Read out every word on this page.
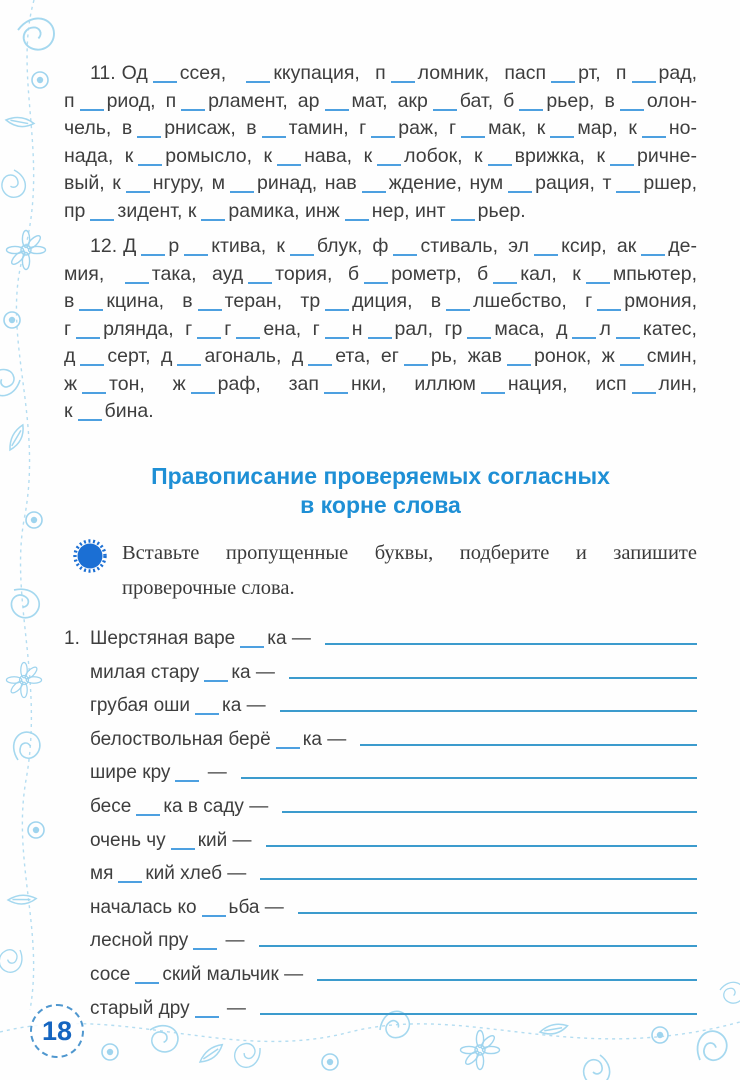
11. Од ссея, ккупация, п ломник, пасп рт, п рад,
п риод, п рламент, ар мат, акр бат, б рьер, в олон-
чель, в рнисаж, в тамин, г раж, г мак, к мар, к но-
нада, к ромысло, к нава, к лобок, к врижка, к ричне-
вый, к нгуру, м ринад, нав ждение, нум рация, т ршер,
пр зидент, к рамика, инж нер, инт рьер.
12. Д р ктива, к блук, ф стиваль, эл ксир, ак де-
мия, така, ауд тория, б рометр, б кал, к мпьютер,
в кцина, в теран, тр диция, в лшебство, г рмония,
г рлянда, г г ена, г н рал, гр маса, д л катес,
д серт, д агональ, д ета, ег рь, жав ронок, ж смин,
ж тон, ж раф, зап нки, иллюм нация, исп лин,
к бина.
Правописание проверяемых согласных
в корне слова
Вставьте пропущенные буквы, подберите и запишите
проверочные слова.
1. Шерстяная варе ка —
милая стару ка —
грубая оши ка —
белоствольная берё ка —
шире кру —
бесе ка в саду —
очень чу кий —
мя кий хлеб —
началась ко ьба —
лесной пру —
сосе ский мальчик —
старый дру —
18
